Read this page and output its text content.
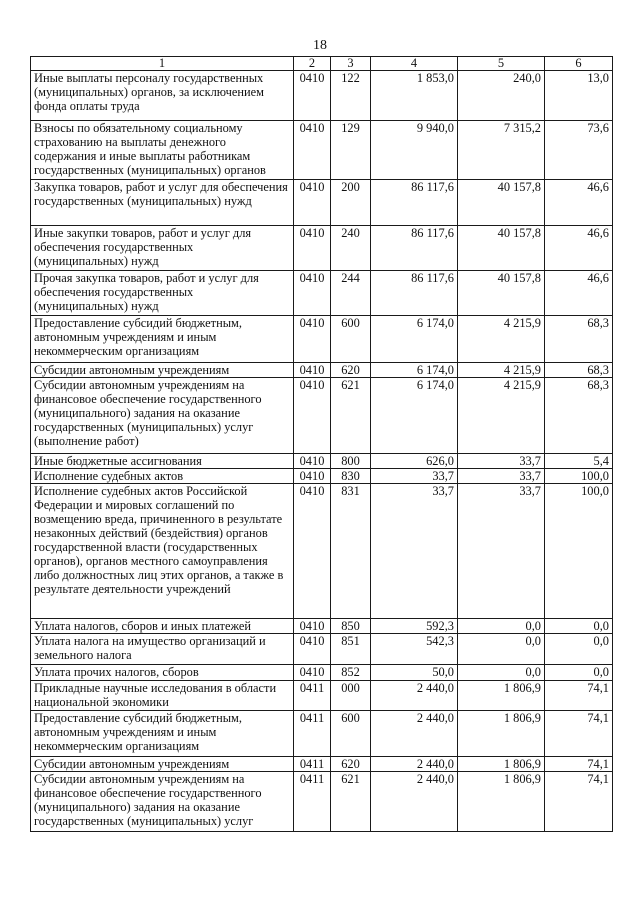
18
1	2	3	4	5	6
Иные выплаты персоналу государственных (муниципальных) органов, за исключением фонда оплаты труда	0410	122	1 853,0	240,0	13,0
Взносы по обязательному социальному страхованию на выплаты денежного содержания и иные выплаты работникам государственных (муниципальных) органов	0410	129	9 940,0	7 315,2	73,6
Закупка товаров, работ и услуг для обеспечения государственных (муниципальных) нужд	0410	200	86 117,6	40 157,8	46,6
Иные закупки товаров, работ и услуг для обеспечения государственных (муниципальных) нужд	0410	240	86 117,6	40 157,8	46,6
Прочая закупка товаров, работ и услуг для обеспечения государственных (муниципальных) нужд	0410	244	86 117,6	40 157,8	46,6
Предоставление субсидий бюджетным, автономным учреждениям и иным некоммерческим организациям	0410	600	6 174,0	4 215,9	68,3
Субсидии автономным учреждениям	0410	620	6 174,0	4 215,9	68,3
Субсидии автономным учреждениям на финансовое обеспечение государственного (муниципального) задания на оказание государственных (муниципальных) услуг (выполнение работ)	0410	621	6 174,0	4 215,9	68,3
Иные бюджетные ассигнования	0410	800	626,0	33,7	5,4
Исполнение судебных актов	0410	830	33,7	33,7	100,0
Исполнение судебных актов Российской Федерации и мировых соглашений по возмещению вреда, причиненного в результате незаконных действий (бездействия) органов государственной власти (государственных органов), органов местного самоуправления либо должностных лиц этих органов, а также в результате деятельности учреждений	0410	831	33,7	33,7	100,0
Уплата налогов, сборов и иных платежей	0410	850	592,3	0,0	0,0
Уплата налога на имущество организаций и земельного налога	0410	851	542,3	0,0	0,0
Уплата прочих налогов, сборов	0410	852	50,0	0,0	0,0
Прикладные научные исследования в области национальной экономики	0411	000	2 440,0	1 806,9	74,1
Предоставление субсидий бюджетным, автономным учреждениям и иным некоммерческим организациям	0411	600	2 440,0	1 806,9	74,1
Субсидии автономным учреждениям	0411	620	2 440,0	1 806,9	74,1
Субсидии автономным учреждениям на финансовое обеспечение государственного (муниципального) задания на оказание государственных (муниципальных) услуг	0411	621	2 440,0	1 806,9	74,1
